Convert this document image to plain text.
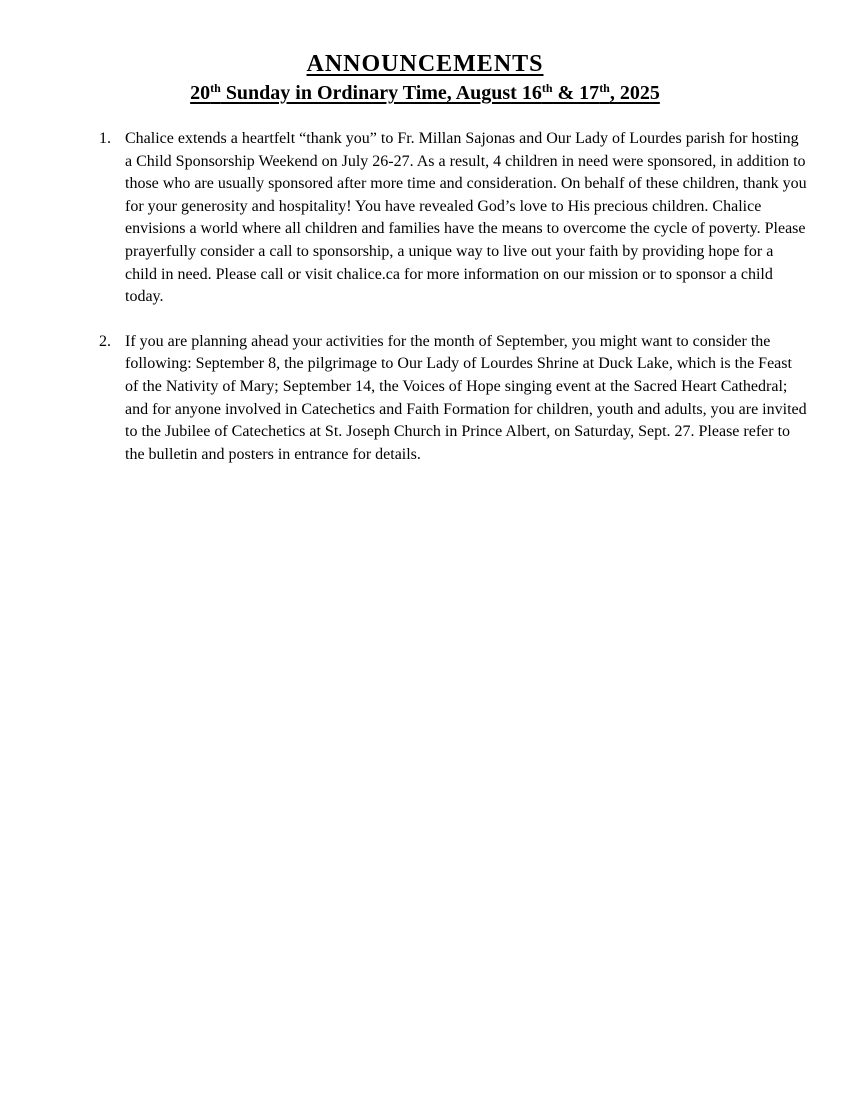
ANNOUNCEMENTS
20th Sunday in Ordinary Time, August 16th & 17th, 2025
1. Chalice extends a heartfelt “thank you” to Fr. Millan Sajonas and Our Lady of Lourdes parish for hosting a Child Sponsorship Weekend on July 26-27. As a result, 4 children in need were sponsored, in addition to those who are usually sponsored after more time and consideration. On behalf of these children, thank you for your generosity and hospitality! You have revealed God’s love to His precious children. Chalice envisions a world where all children and families have the means to overcome the cycle of poverty. Please prayerfully consider a call to sponsorship, a unique way to live out your faith by providing hope for a child in need. Please call or visit chalice.ca for more information on our mission or to sponsor a child today.
2. If you are planning ahead your activities for the month of September, you might want to consider the following: September 8, the pilgrimage to Our Lady of Lourdes Shrine at Duck Lake, which is the Feast of the Nativity of Mary; September 14, the Voices of Hope singing event at the Sacred Heart Cathedral; and for anyone involved in Catechetics and Faith Formation for children, youth and adults, you are invited to the Jubilee of Catechetics at St. Joseph Church in Prince Albert, on Saturday, Sept. 27. Please refer to the bulletin and posters in entrance for details.
